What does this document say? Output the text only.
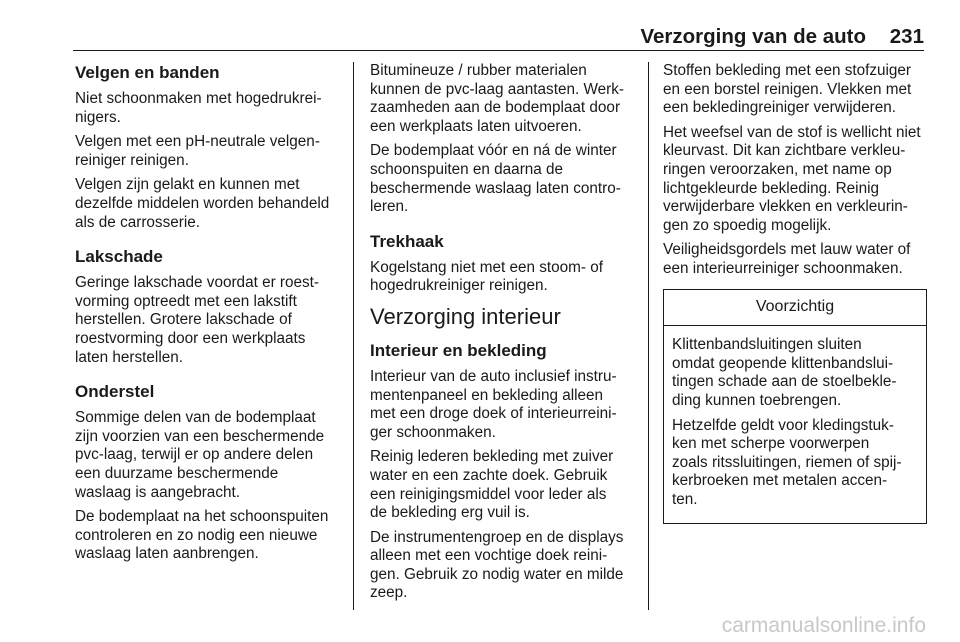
Verzorging van de auto 231
Velgen en banden

Niet schoonmaken met hogedrukrei-
nigers.

Velgen met een pH-neutrale velgen-
reiniger reinigen.

Velgen zijn gelakt en kunnen met
dezelfde middelen worden behandeld
als de carrosserie.

Lakschade

Geringe lakschade voordat er roest-
vorming optreedt met een lakstift
herstellen. Grotere lakschade of
roestvorming door een werkplaats
laten herstellen.

Onderstel

Sommige delen van de bodemplaat
zijn voorzien van een beschermende
pvc-laag, terwijl er op andere delen
een duurzame beschermende
waslaag is aangebracht.

De bodemplaat na het schoonspuiten
controleren en zo nodig een nieuwe
waslaag laten aanbrengen.

Bitumineuze / rubber materialen
kunnen de pvc-laag aantasten. Werk-
zaamheden aan de bodemplaat door
een werkplaats laten uitvoeren.

De bodemplaat vóór en ná de winter
schoonspuiten en daarna de
beschermende waslaag laten contro-
leren.

Trekhaak

Kogelstang niet met een stoom- of
hogedrukreiniger reinigen.

Verzorging interieur
Interieur en bekleding

Interieur van de auto inclusief instru-
mentenpaneel en bekleding alleen
met een droge doek of interieurreini-
ger schoonmaken.

Reinig lederen bekleding met zuiver
water en een zachte doek. Gebruik
een reinigingsmiddel voor leder als
de bekleding erg vuil is.

De instrumentengroep en de displays
alleen met een vochtige doek reini-
gen. Gebruik zo nodig water en milde
zeep.

Stoffen bekleding met een stofzuiger
en een borstel reinigen. Vlekken met
een bekledingreiniger verwijderen.

Het weefsel van de stof is wellicht niet
kleurvast. Dit kan zichtbare verkleu-
ringen veroorzaken, met name op
lichtgekleurde bekleding. Reinig
verwijderbare vlekken en verkleurin-
gen zo spoedig mogelijk.

Veiligheidsgordels met lauw water of
een interieurreiniger schoonmaken.

Voorzichtig

Klittenbandsluitingen sluiten
omdat geopende klittenbandslui-
tingen schade aan de stoelbekle-
ding kunnen toebrengen.

Hetzelfde geldt voor kledingstuk-
ken met scherpe voorwerpen
zoals ritssluitingen, riemen of spij-
kerbroeken met metalen accen-
ten.

carmanualsonline.info
